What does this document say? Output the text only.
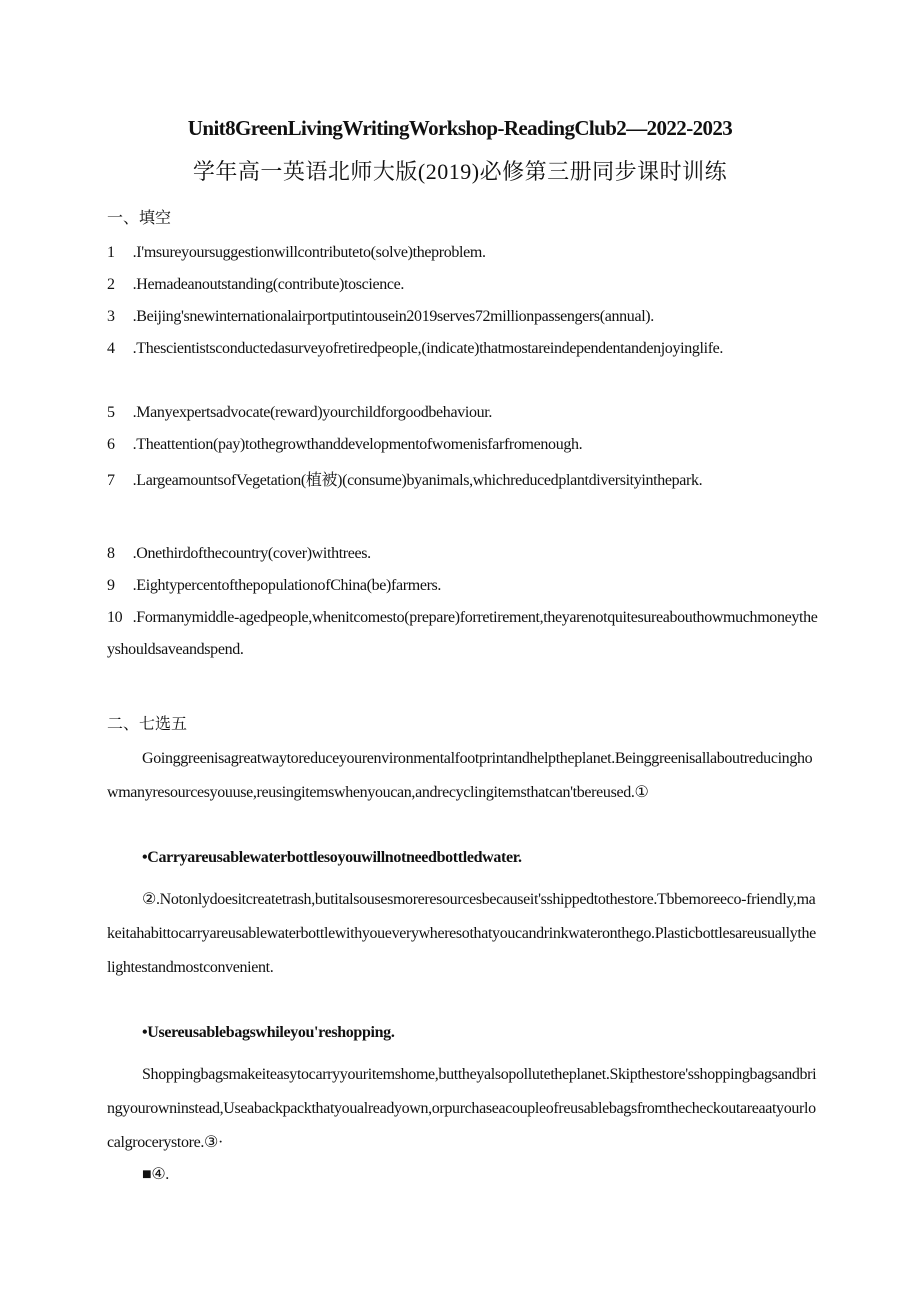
Unit8GreenLivingWritingWorkshop-ReadingClub2—2022-2023
学年高一英语北师大版(2019)必修第三册同步课时训练
一、填空
1 .I'msureyoursuggestionwillcontributeto(solve)theproblem.
2 .Hemadeanoutstanding(contribute)toscience.
3 .Beijing'snewinternationalairportputintousein2019serves72millionpassengers(annual).
4 .Thescientistsconductedasurveyofretiredpeople,(indicate)thatmostareindependentandenjoyinglife.
5 .Manyexpertsadvocate(reward)yourchildforgoodbehaviour.
6 .Theattention(pay)tothegrowthanddevelopmentofwomenisfarfromenough.
7 .LargeamountsofVegetation(植被)(consume)byanimals,whichreducedplantdiversityinthepark.
8 .Onethirdofthecountry(cover)withtrees.
9 .EightypercentofthepopulationofChina(be)farmers.
10 .Formanymiddle-agedpeople,whenitcomesto(prepare)forretirement,theyarenotquitesureabouthowmuchmoneytheyshouldsaveandspend.
二、七选五
Goinggreenisagreatwaytoreduceyourenvironmentalfootprintandhelptheplanet.Beinggreenisallaboutreducinghowmanyresourcesyouuse,reusingitemswhenyoucan,andrecyclingitemsthatcan'tbereused.①
•Carryareusablewaterbottlesoyouwillnotneedbottledwater.
②.Notonlydoesitcreatetrash,butitalsousesmoreresourcesbecauseit'sshippedtothestore.Tbbemoreeco-friendly,makeitahabittocarryareusablewaterbottlewithyoueverywheresothatyoucandrinkwateronthego.Plasticbottlesareusuallythelightestandmostconvenient.
•Usereusablebagswhileyou'reshopping.
Shoppingbagsmakeiteasytocarryyouritemshome,buttheyalsopollutetheplanet.Skipthestore'sshoppingbagsandbringyourowninstead,Useabackpackthatyoualreadyown,orpurchaseacoupleofreusablebagsfromthecheckoutareaatyourlocalgrocerystore.③·
■④.
